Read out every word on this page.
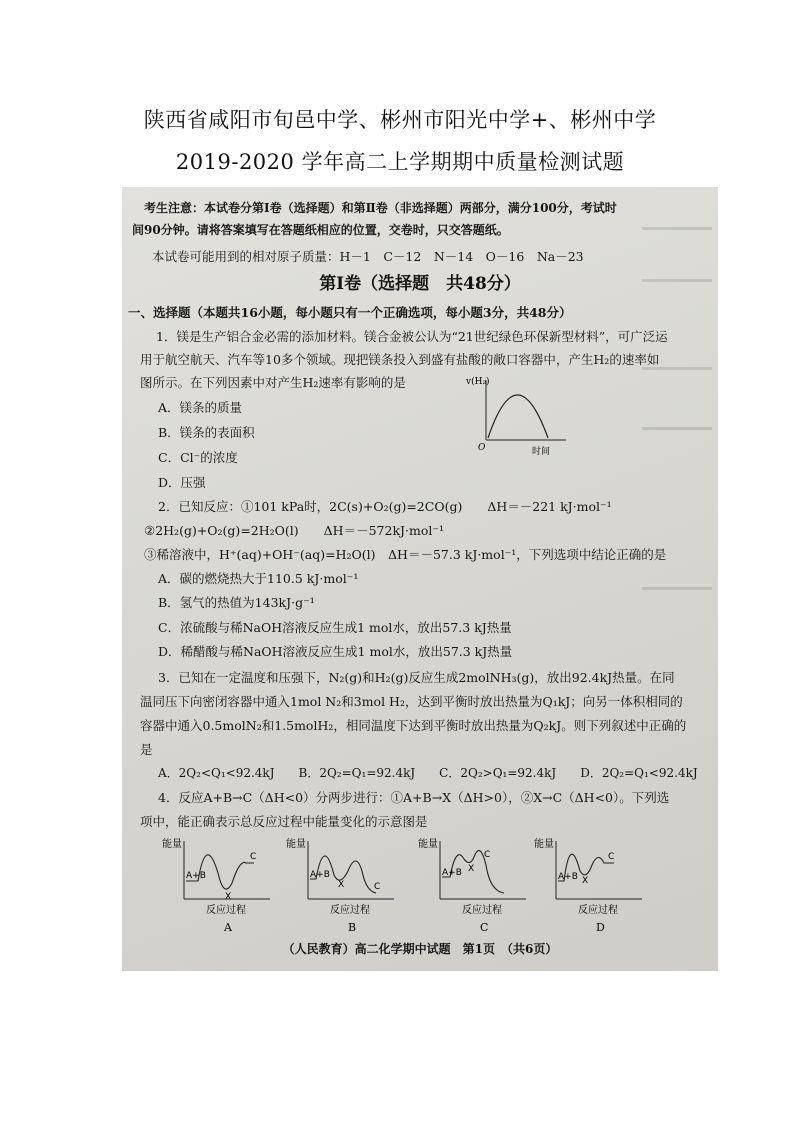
陕西省咸阳市旬邑中学、彬州市阳光中学+、彬州中学
2019-2020 学年高二上学期期中质量检测试题
考生注意：本试卷分第Ⅰ卷（选择题）和第Ⅱ卷（非选择题）两部分，满分100分，考试时
间90分钟。请将答案填写在答题纸相应的位置，交卷时，只交答题纸。
本试卷可能用到的相对原子质量：H－1　C－12　N－14　O－16　Na－23
第Ⅰ卷（选择题　共48分）
一、选择题（本题共16小题，每小题只有一个正确选项，每小题3分，共48分）
1．镁是生产铝合金必需的添加材料。镁合金被公认为“21世纪绿色环保新型材料”，可广泛运
用于航空航天、汽车等10多个领域。现把镁条投入到盛有盐酸的敞口容器中，产生H₂的速率如
图所示。在下列因素中对产生H₂速率有影响的是
A．镁条的质量
B．镁条的表面积
C．Cl⁻的浓度
D．压强
v(H₂)
O	时间
2．已知反应：①101 kPa时，2C(s)+O₂(g)=2CO(g)　　ΔH＝－221 kJ·mol⁻¹
②2H₂(g)+O₂(g)=2H₂O(l)　　ΔH＝－572kJ·mol⁻¹
③稀溶液中，H⁺(aq)+OH⁻(aq)=H₂O(l)　ΔH＝－57.3 kJ·mol⁻¹，下列选项中结论正确的是
A．碳的燃烧热大于110.5 kJ·mol⁻¹
B．氢气的热值为143kJ·g⁻¹
C．浓硫酸与稀NaOH溶液反应生成1 mol水，放出57.3 kJ热量
D．稀醋酸与稀NaOH溶液反应生成1 mol水，放出57.3 kJ热量
3．已知在一定温度和压强下，N₂(g)和H₂(g)反应生成2molNH₃(g)，放出92.4kJ热量。在同
温同压下向密闭容器中通入1mol N₂和3mol H₂，达到平衡时放出热量为Q₁kJ；向另一体积相同的
容器中通入0.5molN₂和1.5molH₂，相同温度下达到平衡时放出热量为Q₂kJ。则下列叙述中正确的
是
A．2Q₂<Q₁<92.4kJ　　B．2Q₂=Q₁=92.4kJ　　C．2Q₂>Q₁=92.4kJ　　D．2Q₂=Q₁<92.4kJ
4．反应A+B→C（ΔH<0）分两步进行：①A+B→X（ΔH>0），②X→C（ΔH<0）。下列选
项中，能正确表示总反应过程中能量变化的示意图是
能量
A+B
X
C
反应过程
A
能量
A+B
X	C
反应过程
B
能量
A+B X
C
反应过程
C
能量
A+B X
C
反应过程
D
（人民教育）高二化学期中试题　第1页　（共6页）
